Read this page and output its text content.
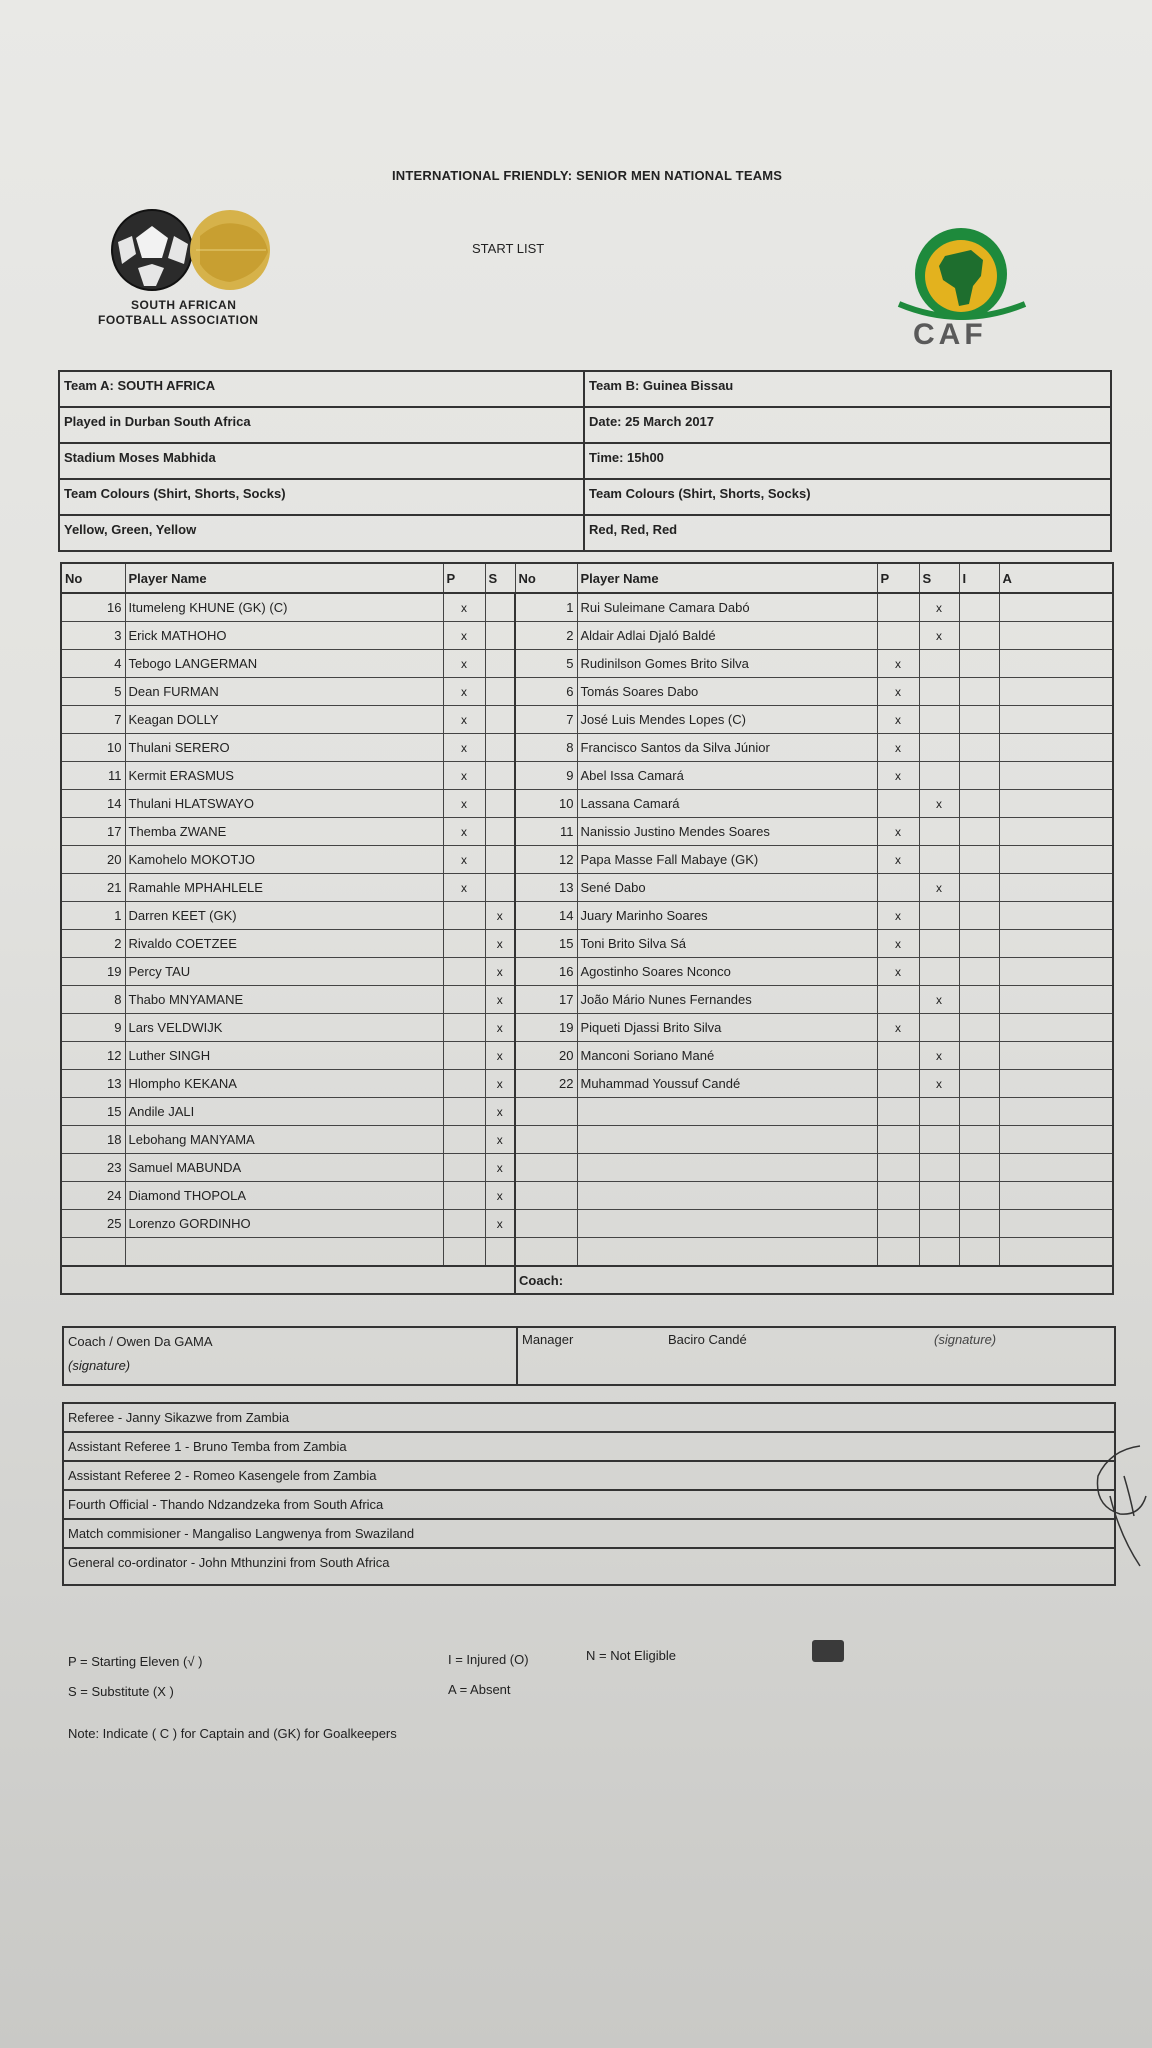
INTERNATIONAL FRIENDLY: SENIOR MEN NATIONAL TEAMS
START LIST
SOUTH AFRICAN
FOOTBALL ASSOCIATION	CAF
Team A: SOUTH AFRICA	Team B: Guinea Bissau
Played in Durban South Africa	Date: 25 March 2017
Stadium Moses Mabhida	Time: 15h00
Team Colours (Shirt, Shorts, Socks)	Team Colours (Shirt, Shorts, Socks)
Yellow, Green, Yellow	Red, Red, Red
No	Player Name	P	S	No	Player Name	P	S	I	A
16	Itumeleng KHUNE (GK) (C)	x		1	Rui Suleimane Camara Dabó		x		
3	Erick MATHOHO	x		2	Aldair Adlai Djaló Baldé		x		
4	Tebogo LANGERMAN	x		5	Rudinilson Gomes Brito Silva	x			
5	Dean FURMAN	x		6	Tomás Soares Dabo	x			
7	Keagan DOLLY	x		7	José Luis Mendes Lopes (C)	x			
10	Thulani SERERO	x		8	Francisco Santos da Silva Júnior	x			
11	Kermit ERASMUS	x		9	Abel Issa Camará	x			
14	Thulani HLATSWAYO	x		10	Lassana Camará		x		
17	Themba ZWANE	x		11	Nanissio Justino Mendes Soares	x			
20	Kamohelo MOKOTJO	x		12	Papa Masse Fall Mabaye (GK)	x			
21	Ramahle MPHAHLELE	x		13	Sené Dabo		x		
1	Darren KEET (GK)		x	14	Juary Marinho Soares	x			
2	Rivaldo COETZEE		x	15	Toni Brito Silva Sá	x			
19	Percy TAU		x	16	Agostinho Soares Nconco	x			
8	Thabo MNYAMANE		x	17	João Mário Nunes Fernandes		x		
9	Lars VELDWIJK		x	19	Piqueti Djassi Brito Silva	x			
12	Luther SINGH		x	20	Manconi Soriano Mané		x		
13	Hlompho KEKANA		x	22	Muhammad Youssuf Candé		x		
15	Andile JALI		x						
18	Lebohang MANYAMA		x						
23	Samuel MABUNDA		x						
24	Diamond THOPOLA		x						
25	Lorenzo GORDINHO		x						

				Coach:					
Coach / Owen Da GAMA
(signature)
Manager	Baciro Candé	(signature)
Referee - Janny Sikazwe from Zambia
Assistant Referee 1 - Bruno Temba from Zambia
Assistant Referee 2 - Romeo Kasengele from Zambia
Fourth Official - Thando Ndzandzeka from South Africa
Match commisioner - Mangaliso Langwenya from Swaziland
General co-ordinator - John Mthunzini from South Africa
P = Starting Eleven (√ )
S = Substitute (X )
I = Injured (O)
A = Absent
N = Not Eligible
Note: Indicate ( C ) for Captain and (GK) for Goalkeepers
